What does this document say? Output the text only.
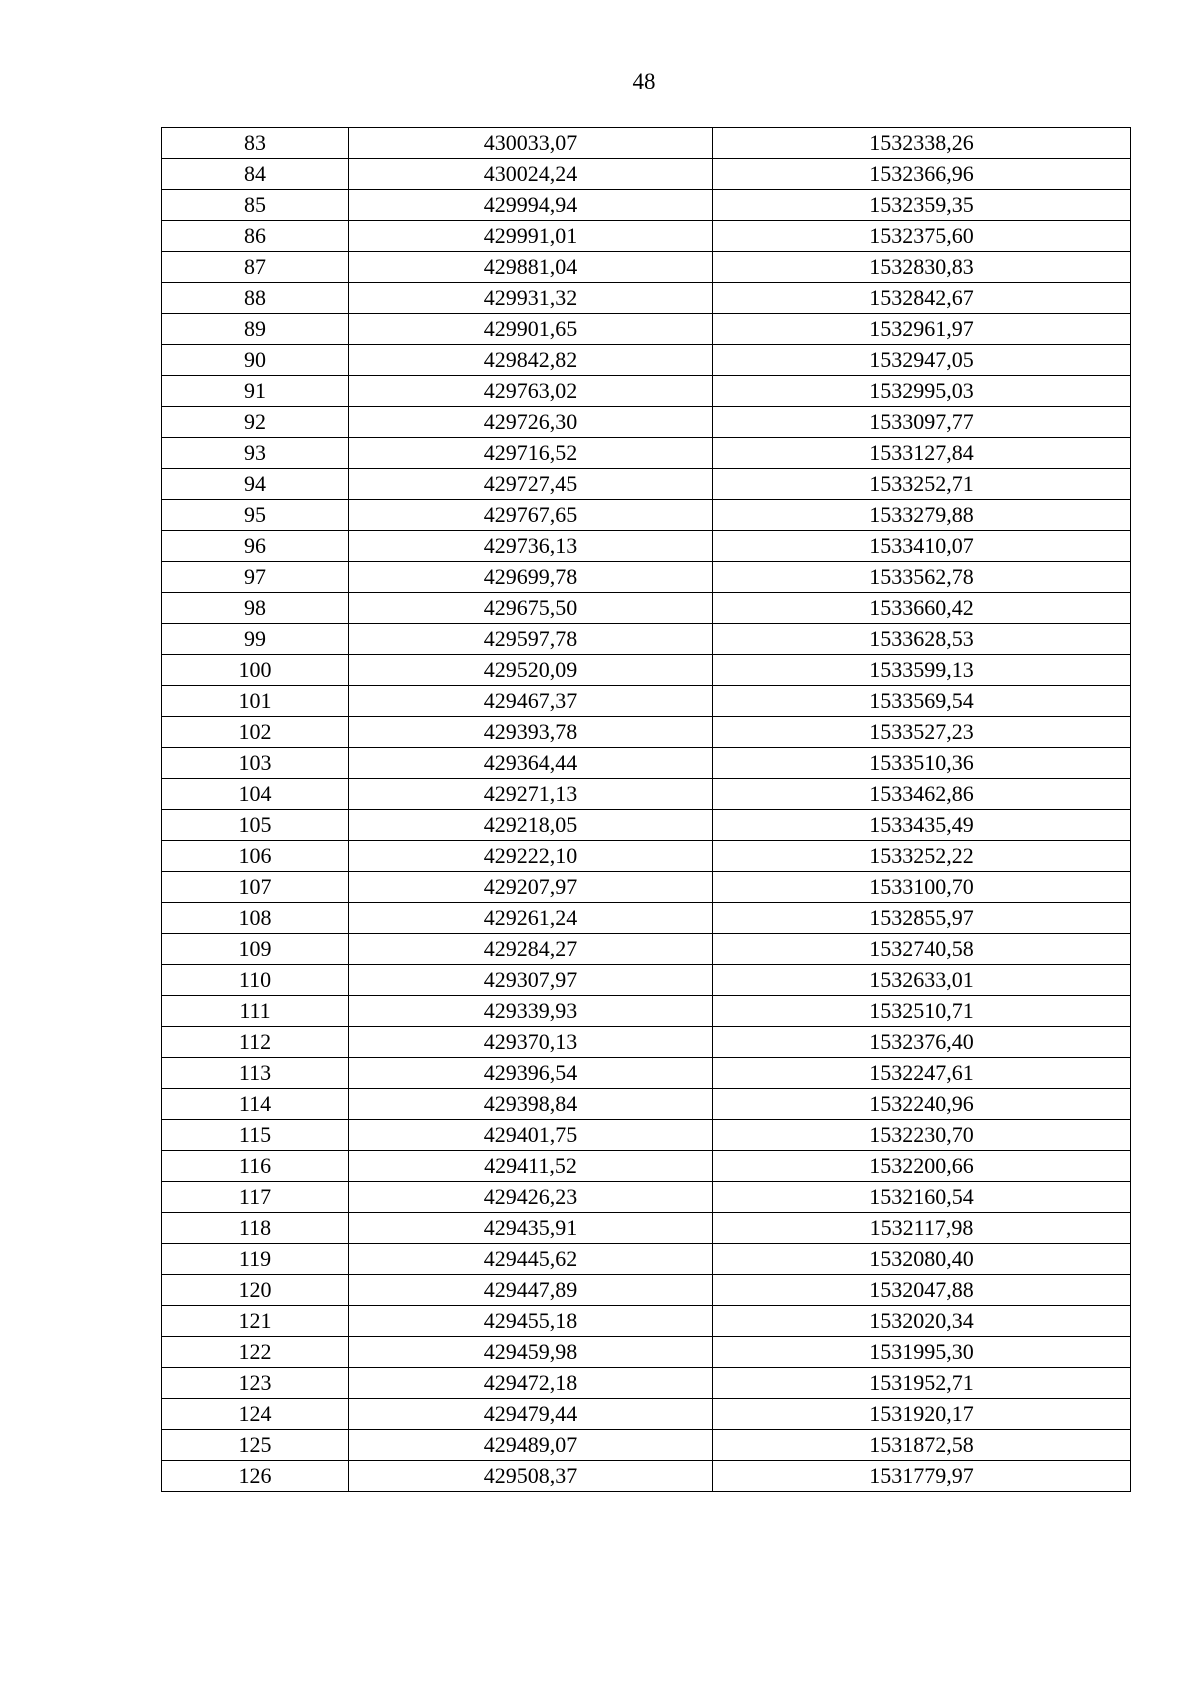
48
83	430033,07	1532338,26
84	430024,24	1532366,96
85	429994,94	1532359,35
86	429991,01	1532375,60
87	429881,04	1532830,83
88	429931,32	1532842,67
89	429901,65	1532961,97
90	429842,82	1532947,05
91	429763,02	1532995,03
92	429726,30	1533097,77
93	429716,52	1533127,84
94	429727,45	1533252,71
95	429767,65	1533279,88
96	429736,13	1533410,07
97	429699,78	1533562,78
98	429675,50	1533660,42
99	429597,78	1533628,53
100	429520,09	1533599,13
101	429467,37	1533569,54
102	429393,78	1533527,23
103	429364,44	1533510,36
104	429271,13	1533462,86
105	429218,05	1533435,49
106	429222,10	1533252,22
107	429207,97	1533100,70
108	429261,24	1532855,97
109	429284,27	1532740,58
110	429307,97	1532633,01
111	429339,93	1532510,71
112	429370,13	1532376,40
113	429396,54	1532247,61
114	429398,84	1532240,96
115	429401,75	1532230,70
116	429411,52	1532200,66
117	429426,23	1532160,54
118	429435,91	1532117,98
119	429445,62	1532080,40
120	429447,89	1532047,88
121	429455,18	1532020,34
122	429459,98	1531995,30
123	429472,18	1531952,71
124	429479,44	1531920,17
125	429489,07	1531872,58
126	429508,37	1531779,97
